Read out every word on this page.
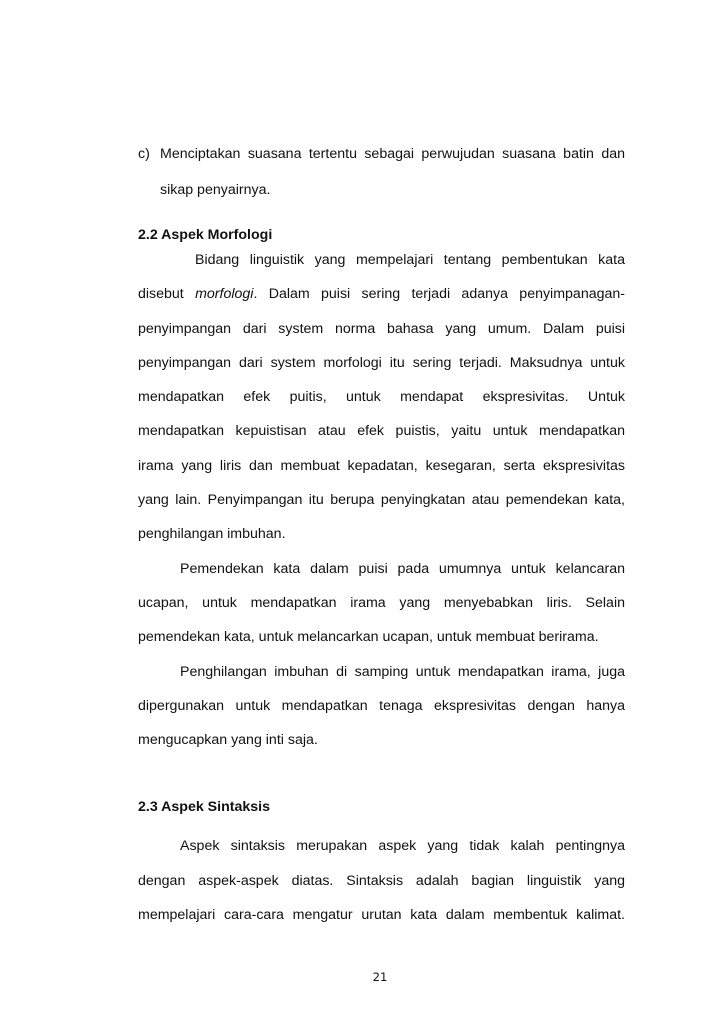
c) Menciptakan suasana tertentu sebagai perwujudan suasana batin dan
sikap penyairnya.
2.2 Aspek Morfologi
Bidang linguistik yang mempelajari tentang pembentukan kata
disebut morfologi. Dalam puisi sering terjadi adanya penyimpanagan-
penyimpangan dari system norma bahasa yang umum. Dalam puisi
penyimpangan dari system morfologi itu sering terjadi. Maksudnya untuk
mendapatkan efek puitis, untuk mendapat ekspresivitas. Untuk
mendapatkan kepuistisan atau efek puistis, yaitu untuk mendapatkan
irama yang liris dan membuat kepadatan, kesegaran, serta ekspresivitas
yang lain. Penyimpangan itu berupa penyingkatan atau pemendekan kata,
penghilangan imbuhan.
Pemendekan kata dalam puisi pada umumnya untuk kelancaran
ucapan, untuk mendapatkan irama yang menyebabkan liris. Selain
pemendekan kata, untuk melancarkan ucapan, untuk membuat berirama.
Penghilangan imbuhan di samping untuk mendapatkan irama, juga
dipergunakan untuk mendapatkan tenaga ekspresivitas dengan hanya
mengucapkan yang inti saja.
2.3 Aspek Sintaksis
Aspek sintaksis merupakan aspek yang tidak kalah pentingnya
dengan aspek-aspek diatas. Sintaksis adalah bagian linguistik yang
mempelajari cara-cara mengatur urutan kata dalam membentuk kalimat.
21
